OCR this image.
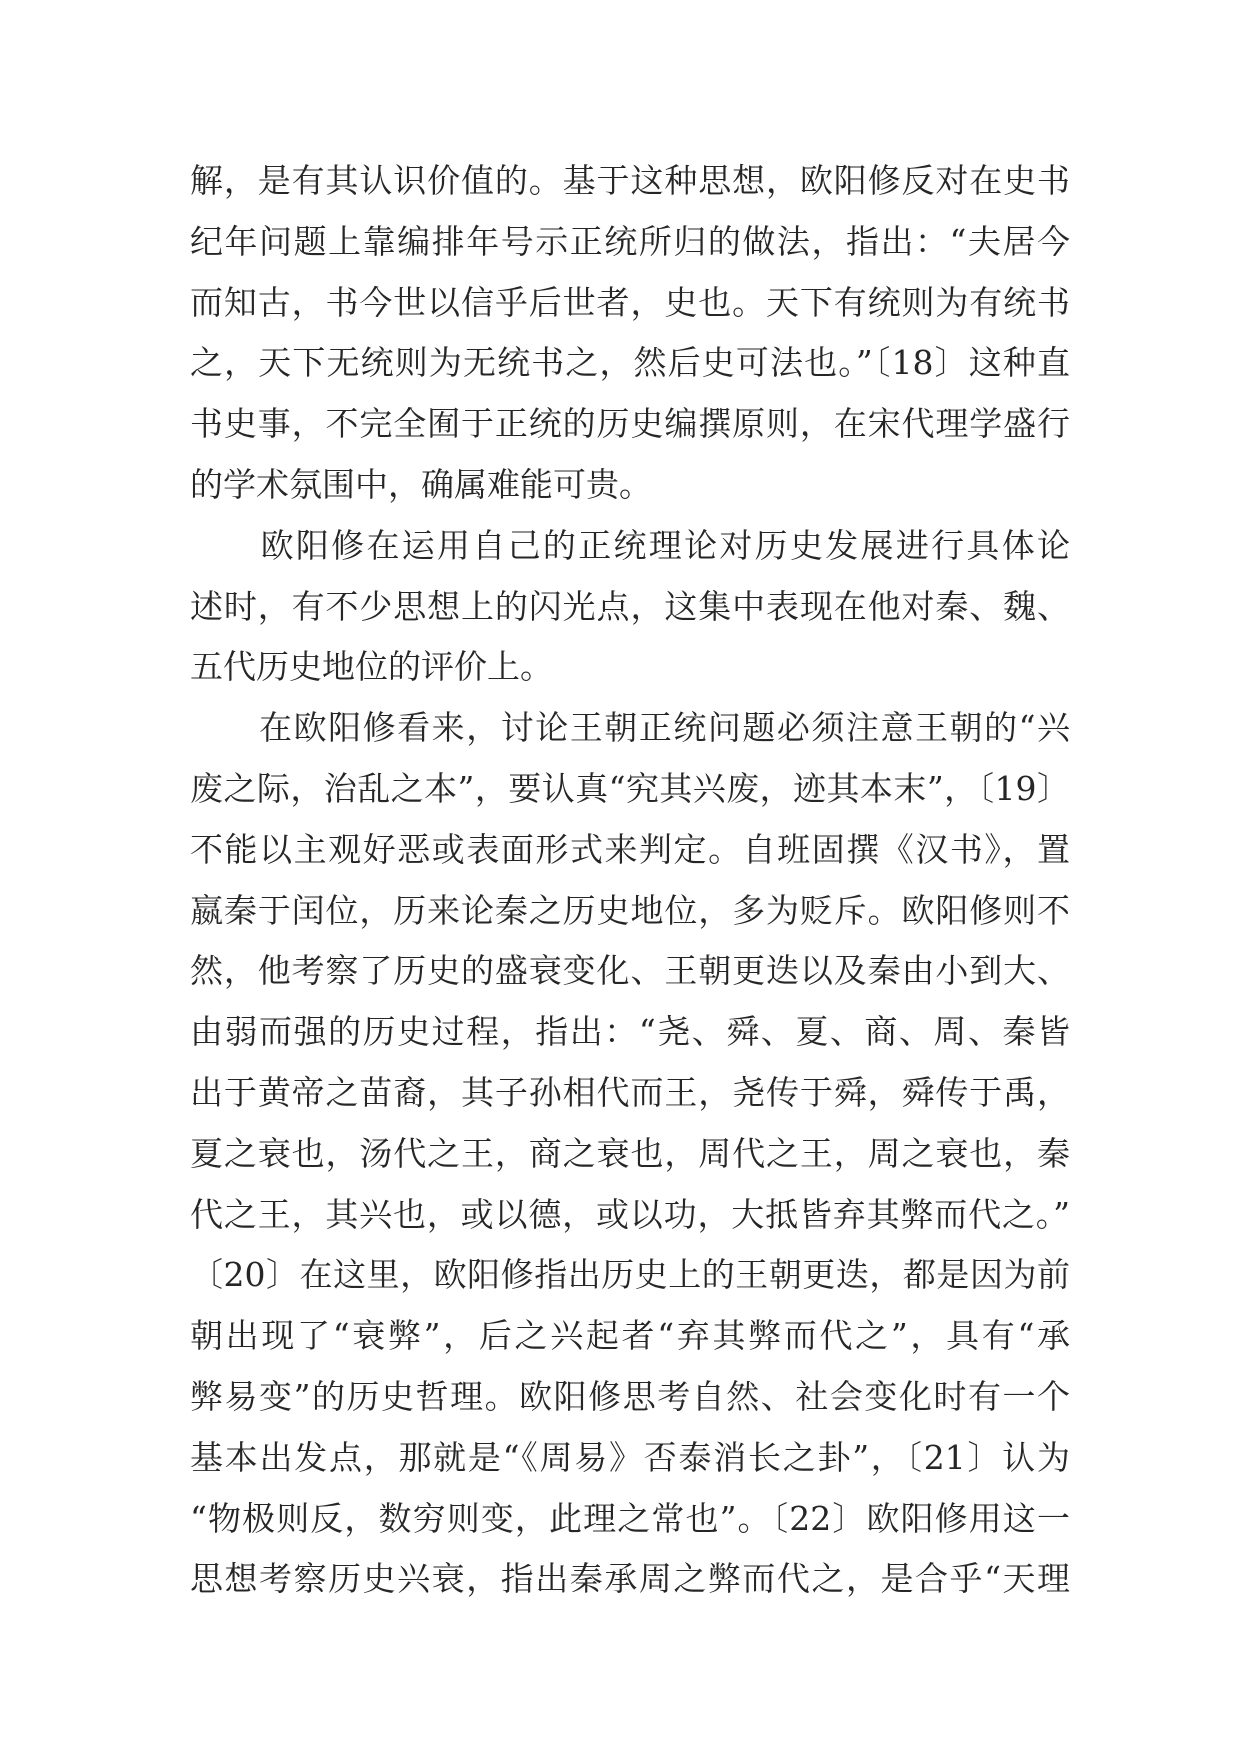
解，是有其认识价值的。基于这种思想，欧阳修反对在史书
纪年问题上靠编排年号示正统所归的做法，指出：“夫居今
而知古，书今世以信乎后世者，史也。天下有统则为有统书
之，天下无统则为无统书之，然后史可法也。”〔18〕这种直
书史事，不完全囿于正统的历史编撰原则，在宋代理学盛行
的学术氛围中，确属难能可贵。
　　欧阳修在运用自己的正统理论对历史发展进行具体论
述时，有不少思想上的闪光点，这集中表现在他对秦、魏、
五代历史地位的评价上。
　　在欧阳修看来，讨论王朝正统问题必须注意王朝的“兴
废之际，治乱之本”，要认真“究其兴废，迹其本末”，〔19〕
不能以主观好恶或表面形式来判定。自班固撰《汉书》，置
嬴秦于闰位，历来论秦之历史地位，多为贬斥。欧阳修则不
然，他考察了历史的盛衰变化、王朝更迭以及秦由小到大、
由弱而强的历史过程，指出：“尧、舜、夏、商、周、秦皆
出于黄帝之苗裔，其子孙相代而王，尧传于舜，舜传于禹，
夏之衰也，汤代之王，商之衰也，周代之王，周之衰也，秦
代之王，其兴也，或以德，或以功，大抵皆弃其弊而代之。”
〔20〕在这里，欧阳修指出历史上的王朝更迭，都是因为前
朝出现了“衰弊”，后之兴起者“弃其弊而代之”，具有“承
弊易变”的历史哲理。欧阳修思考自然、社会变化时有一个
基本出发点，那就是“《周易》否泰消长之卦”，〔21〕认为
“物极则反，数穷则变，此理之常也”。〔22〕欧阳修用这一
思想考察历史兴衰，指出秦承周之弊而代之，是合乎“天理
